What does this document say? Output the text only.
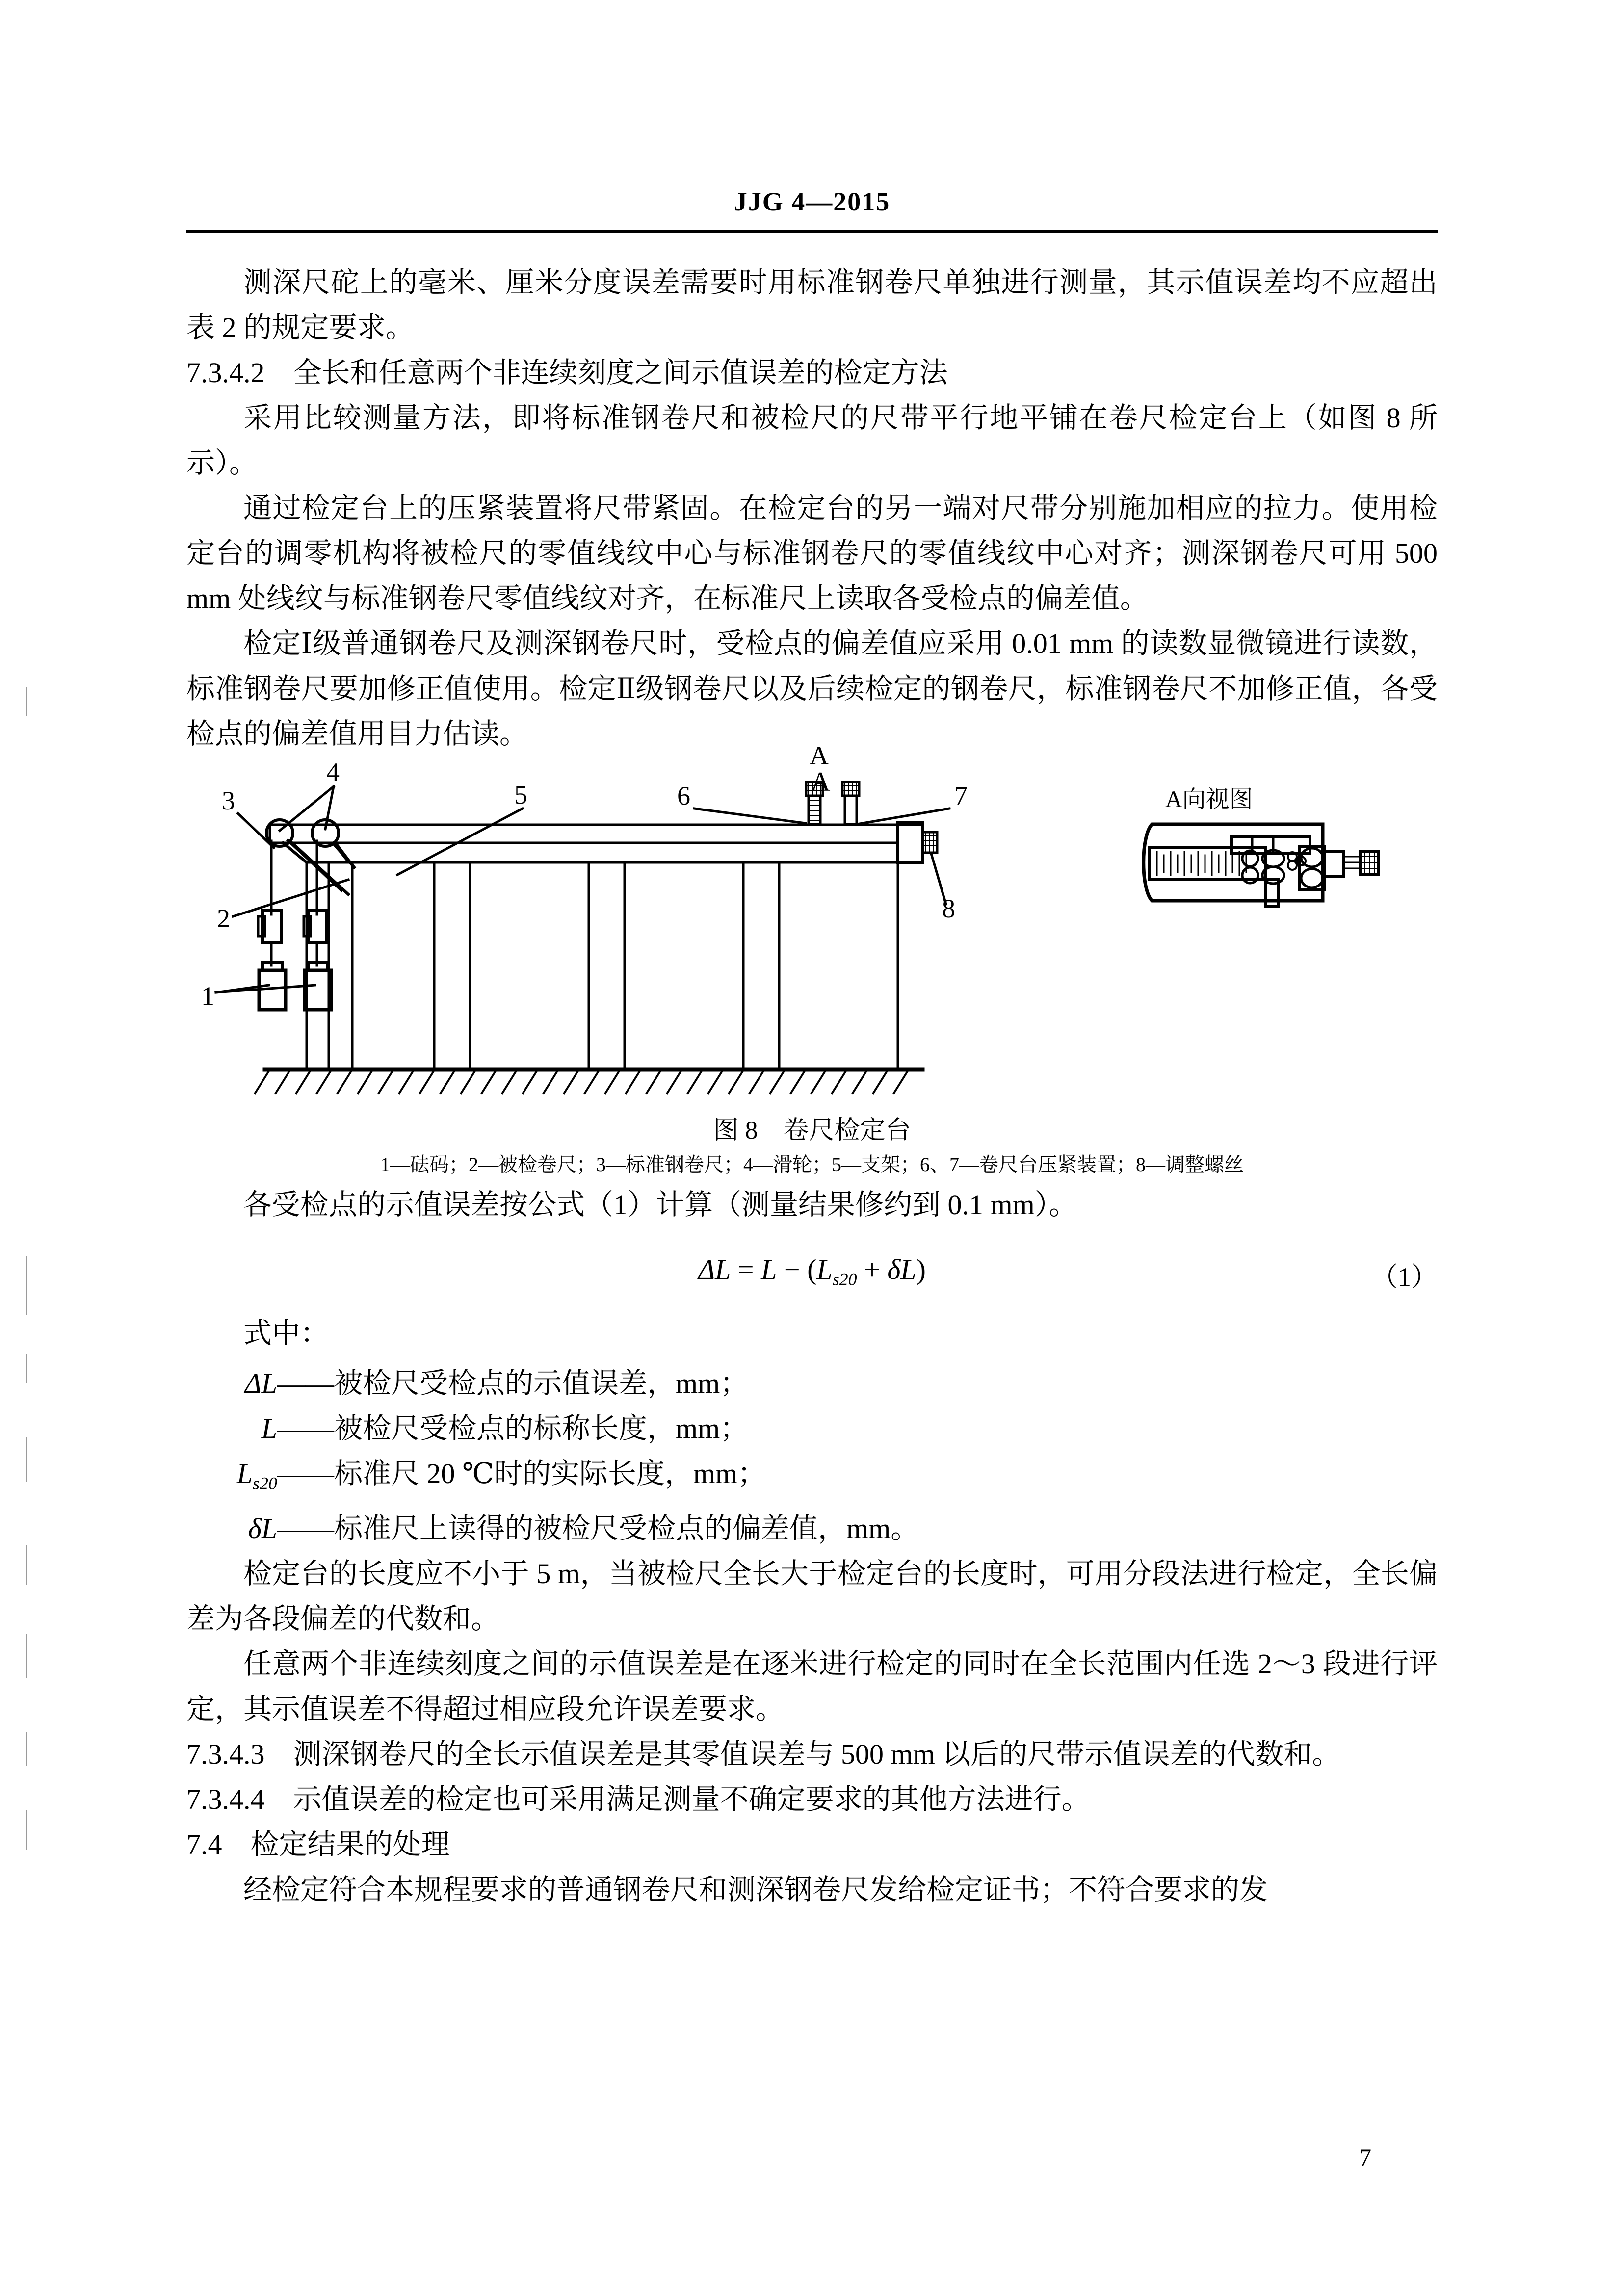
JJG 4—2015

测深尺砣上的毫米、厘米分度误差需要时用标准钢卷尺单独进行测量，其示值误差均不应超出表 2 的规定要求。

7.3.4.2　全长和任意两个非连续刻度之间示值误差的检定方法

采用比较测量方法，即将标准钢卷尺和被检尺的尺带平行地平铺在卷尺检定台上（如图 8 所示）。

通过检定台上的压紧装置将尺带紧固。在检定台的另一端对尺带分别施加相应的拉力。使用检定台的调零机构将被检尺的零值线纹中心与标准钢卷尺的零值线纹中心对齐；测深钢卷尺可用 500 mm 处线纹与标准钢卷尺零值线纹对齐，在标准尺上读取各受检点的偏差值。

检定Ⅰ级普通钢卷尺及测深钢卷尺时，受检点的偏差值应采用 0.01 mm 的读数显微镜进行读数，标准钢卷尺要加修正值使用。检定Ⅱ级钢卷尺以及后续检定的钢卷尺，标准钢卷尺不加修正值，各受检点的偏差值用目力估读。

4
3
2
1
5	6	7
8
A
A
A向视图
图 8　卷尺检定台
1—砝码；2—被检卷尺；3—标准钢卷尺；4—滑轮；5—支架；6、7—卷尺台压紧装置；8—调整螺丝

各受检点的示值误差按公式（1）计算（测量结果修约到 0.1 mm）。

$\Delta L = L - (L_{s20} + \delta L)$	（1）

式中：

ΔL——被检尺受检点的示值误差，mm；
L——被检尺受检点的标称长度，mm；
$L_{s20}——$标准尺 20 ℃时的实际长度，mm；
δL——标准尺上读得的被检尺受检点的偏差值，mm。

检定台的长度应不小于 5 m，当被检尺全长大于检定台的长度时，可用分段法进行检定，全长偏差为各段偏差的代数和。

任意两个非连续刻度之间的示值误差是在逐米进行检定的同时在全长范围内任选 2～3 段进行评定，其示值误差不得超过相应段允许误差要求。

7.3.4.3　测深钢卷尺的全长示值误差是其零值误差与 500 mm 以后的尺带示值误差的代数和。

7.3.4.4　示值误差的检定也可采用满足测量不确定要求的其他方法进行。

7.4　检定结果的处理

经检定符合本规程要求的普通钢卷尺和测深钢卷尺发给检定证书；不符合要求的发

7
